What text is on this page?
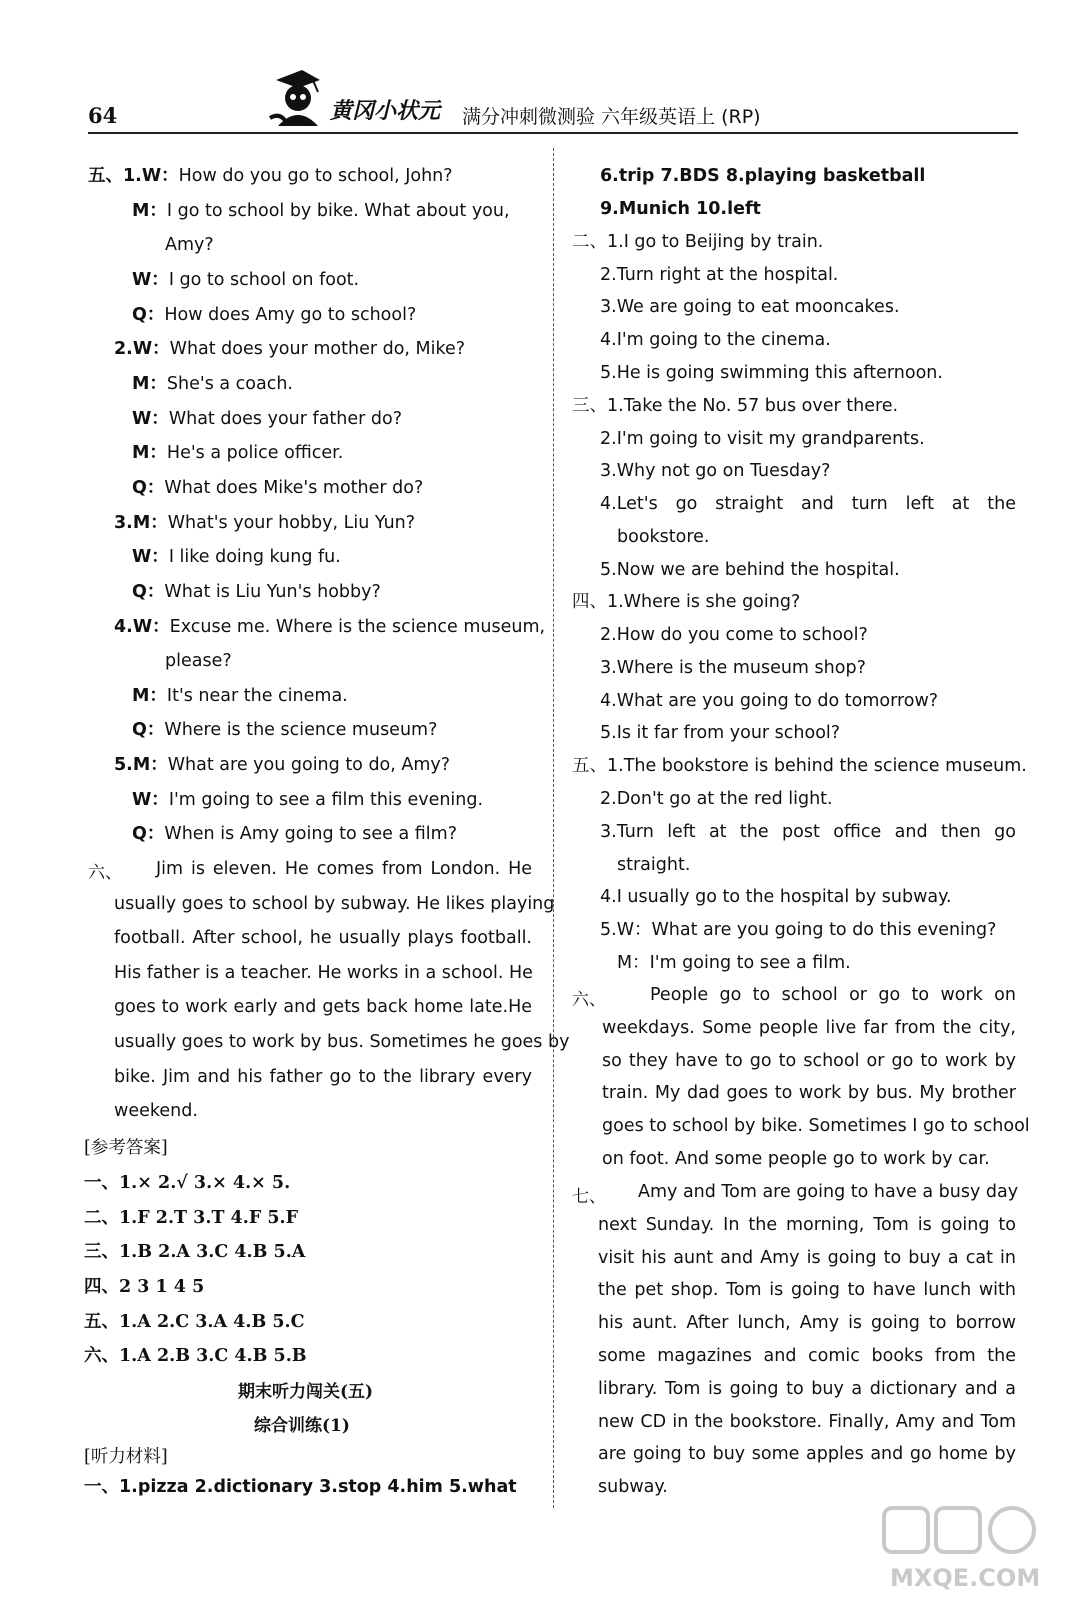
64	黄冈小状元 满分冲刺微测验 六年级英语上 (RP)
五、1.W：How do you go to school, John?
M：I go to school by bike. What about you,
Amy?
W：I go to school on foot.
Q：How does Amy go to school?
2.W：What does your mother do, Mike?
M：She's a coach.
W：What does your father do?
M：He's a police officer.
Q：What does Mike's mother do?
3.M：What's your hobby, Liu Yun?
W：I like doing kung fu.
Q：What is Liu Yun's hobby?
4.W：Excuse me. Where is the science museum,
please?
M：It's near the cinema.
Q：Where is the science museum?
5.M：What are you going to do, Amy?
W：I'm going to see a film this evening.
Q：When is Amy going to see a film?
六、	Jim is eleven. He comes from London. He
usually goes to school by subway. He likes playing
football. After school, he usually plays football.
His father is a teacher. He works in a school. He
goes to work early and gets back home late.He
usually goes to work by bus. Sometimes he goes by
bike. Jim and his father go to the library every
weekend.
[参考答案]
一、1.× 2.√ 3.× 4.× 5.
二、1.F 2.T 3.T 4.F 5.F
三、1.B 2.A 3.C 4.B 5.A
四、2 3 1 4 5
五、1.A 2.C 3.A 4.B 5.C
六、1.A 2.B 3.C 4.B 5.B
期末听力闯关(五)
综合训练(1)
[听力材料]
一、1.pizza 2.dictionary 3.stop 4.him 5.what
6.trip 7.BDS 8.playing basketball
9.Munich 10.left
二、1.I go to Beijing by train.
2.Turn right at the hospital.
3.We are going to eat mooncakes.
4.I'm going to the cinema.
5.He is going swimming this afternoon.
三、1.Take the No. 57 bus over there.
2.I'm going to visit my grandparents.
3.Why not go on Tuesday?
4.Let's go straight and turn left at the
bookstore.
5.Now we are behind the hospital.
四、1.Where is she going?
2.How do you come to school?
3.Where is the museum shop?
4.What are you going to do tomorrow?
5.Is it far from your school?
五、1.The bookstore is behind the science museum.
2.Don't go at the red light.
3.Turn left at the post office and then go
straight.
4.I usually go to the hospital by subway.
5.W：What are you going to do this evening?
M：I'm going to see a film.
六、	People go to school or go to work on
weekdays. Some people live far from the city,
so they have to go to school or go to work by
train. My dad goes to work by bus. My brother
goes to school by bike. Sometimes I go to school
on foot. And some people go to work by car.
七、	Amy and Tom are going to have a busy day
next Sunday. In the morning, Tom is going to
visit his aunt and Amy is going to buy a cat in
the pet shop. Tom is going to have lunch with
his aunt. After lunch, Amy is going to borrow
some magazines and comic books from the
library. Tom is going to buy a dictionary and a
new CD in the bookstore. Finally, Amy and Tom
are going to buy some apples and go home by
subway.
MXQE.COM
